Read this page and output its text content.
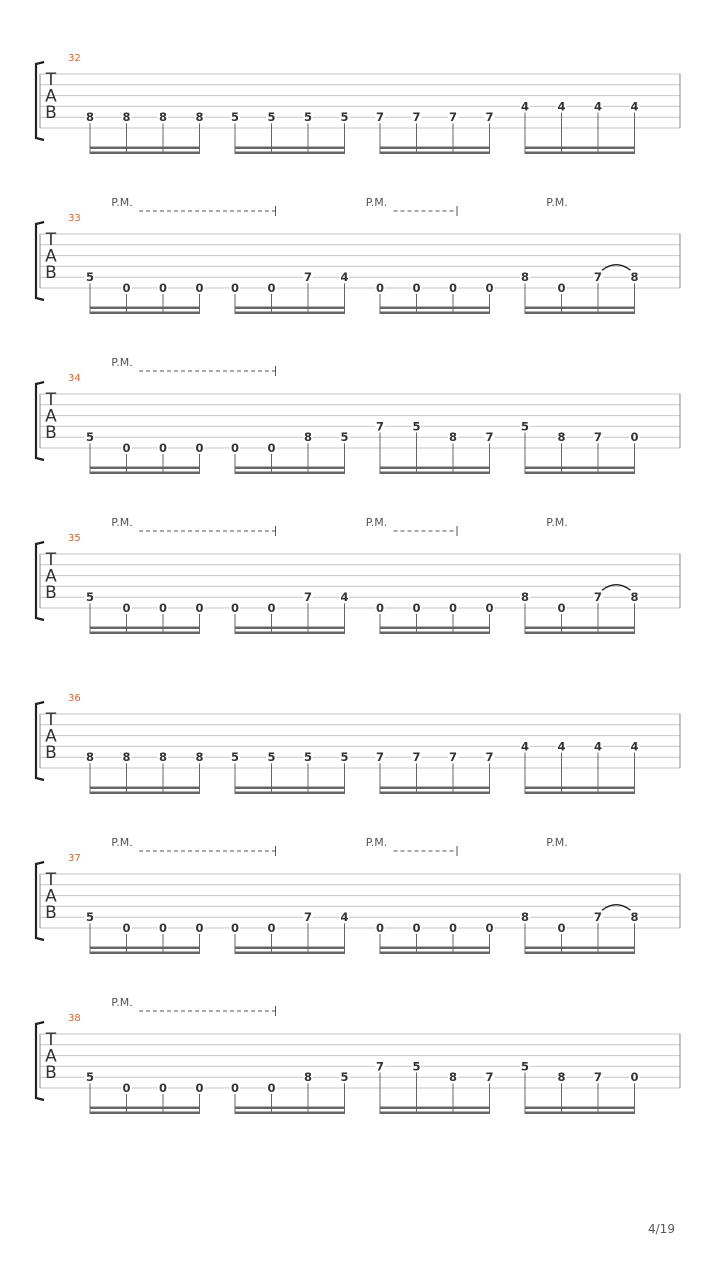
32
T
A
B	8 8 8 8 5 5 5 5 7 7 7 7
4 4 4 4
33
T
A
B	5
0 0 0 0 0
7 4
0 0 0 0
8
0
7 8
P.M.	P.M.	P.M.
34
T
A
B	5
0 0 0 0 0
8 5
7 5
8 7
5
8 7 0
P.M.
35
T
A
B	5
0 0 0 0 0
7 4
0 0 0 0
8
0
7 8
P.M.	P.M.	P.M.
36
T
A
B	8 8 8 8 5 5 5 5 7 7 7 7
4 4 4 4
37
T
A
B	5
0 0 0 0 0
7 4
0 0 0 0
8
0
7 8
P.M.	P.M.	P.M.
38
T
A
B	5
0 0 0 0 0
8 5
7 5
8 7
5
8 7 0
P.M.
4/19
